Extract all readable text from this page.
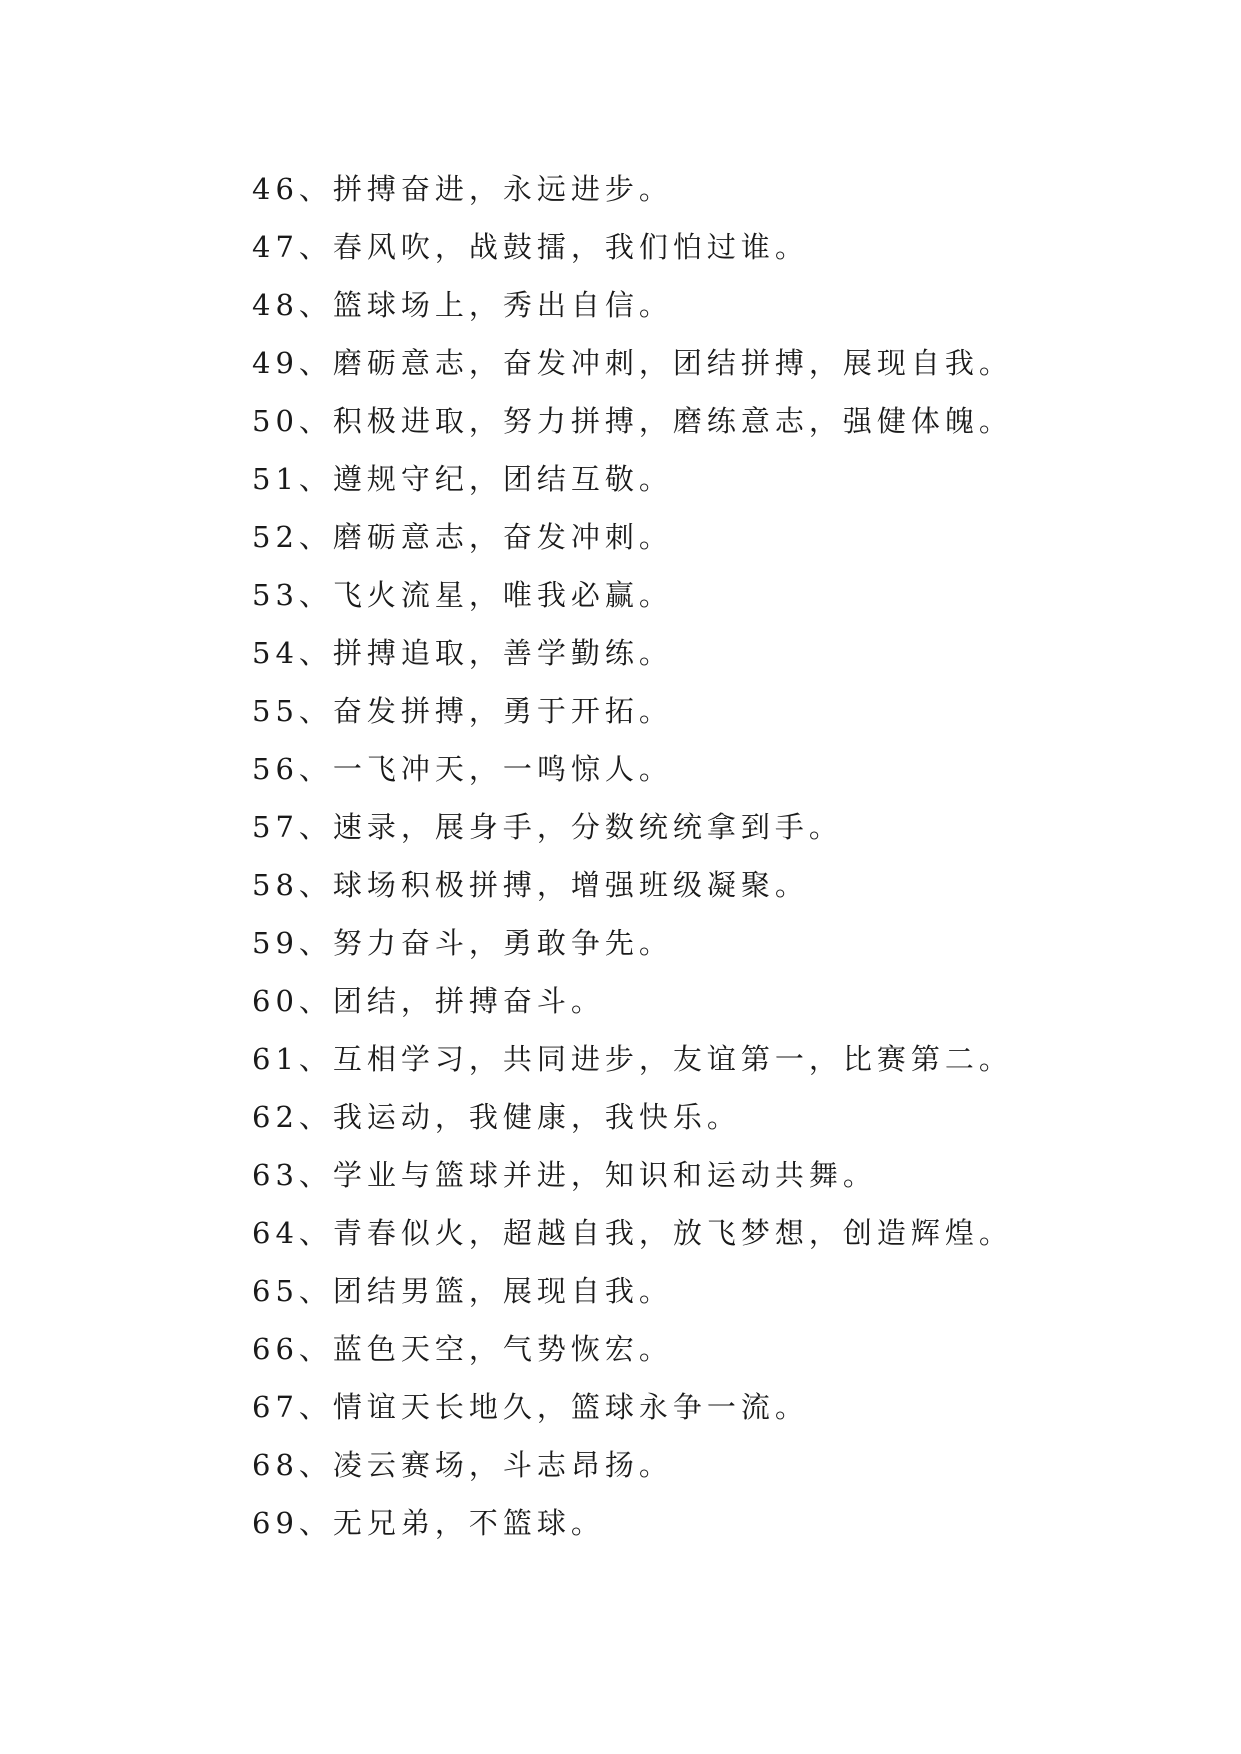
46、拼搏奋进，永远进步。
47、春风吹，战鼓擂，我们怕过谁。
48、篮球场上，秀出自信。
49、磨砺意志，奋发冲刺，团结拼搏，展现自我。
50、积极进取，努力拼搏，磨练意志，强健体魄。
51、遵规守纪，团结互敬。
52、磨砺意志，奋发冲刺。
53、飞火流星，唯我必赢。
54、拼搏追取，善学勤练。
55、奋发拼搏，勇于开拓。
56、一飞冲天，一鸣惊人。
57、速录，展身手，分数统统拿到手。
58、球场积极拼搏，增强班级凝聚。
59、努力奋斗，勇敢争先。
60、团结，拼搏奋斗。
61、互相学习，共同进步，友谊第一，比赛第二。
62、我运动，我健康，我快乐。
63、学业与篮球并进，知识和运动共舞。
64、青春似火，超越自我，放飞梦想，创造辉煌。
65、团结男篮，展现自我。
66、蓝色天空，气势恢宏。
67、情谊天长地久，篮球永争一流。
68、凌云赛场，斗志昂扬。
69、无兄弟，不篮球。
